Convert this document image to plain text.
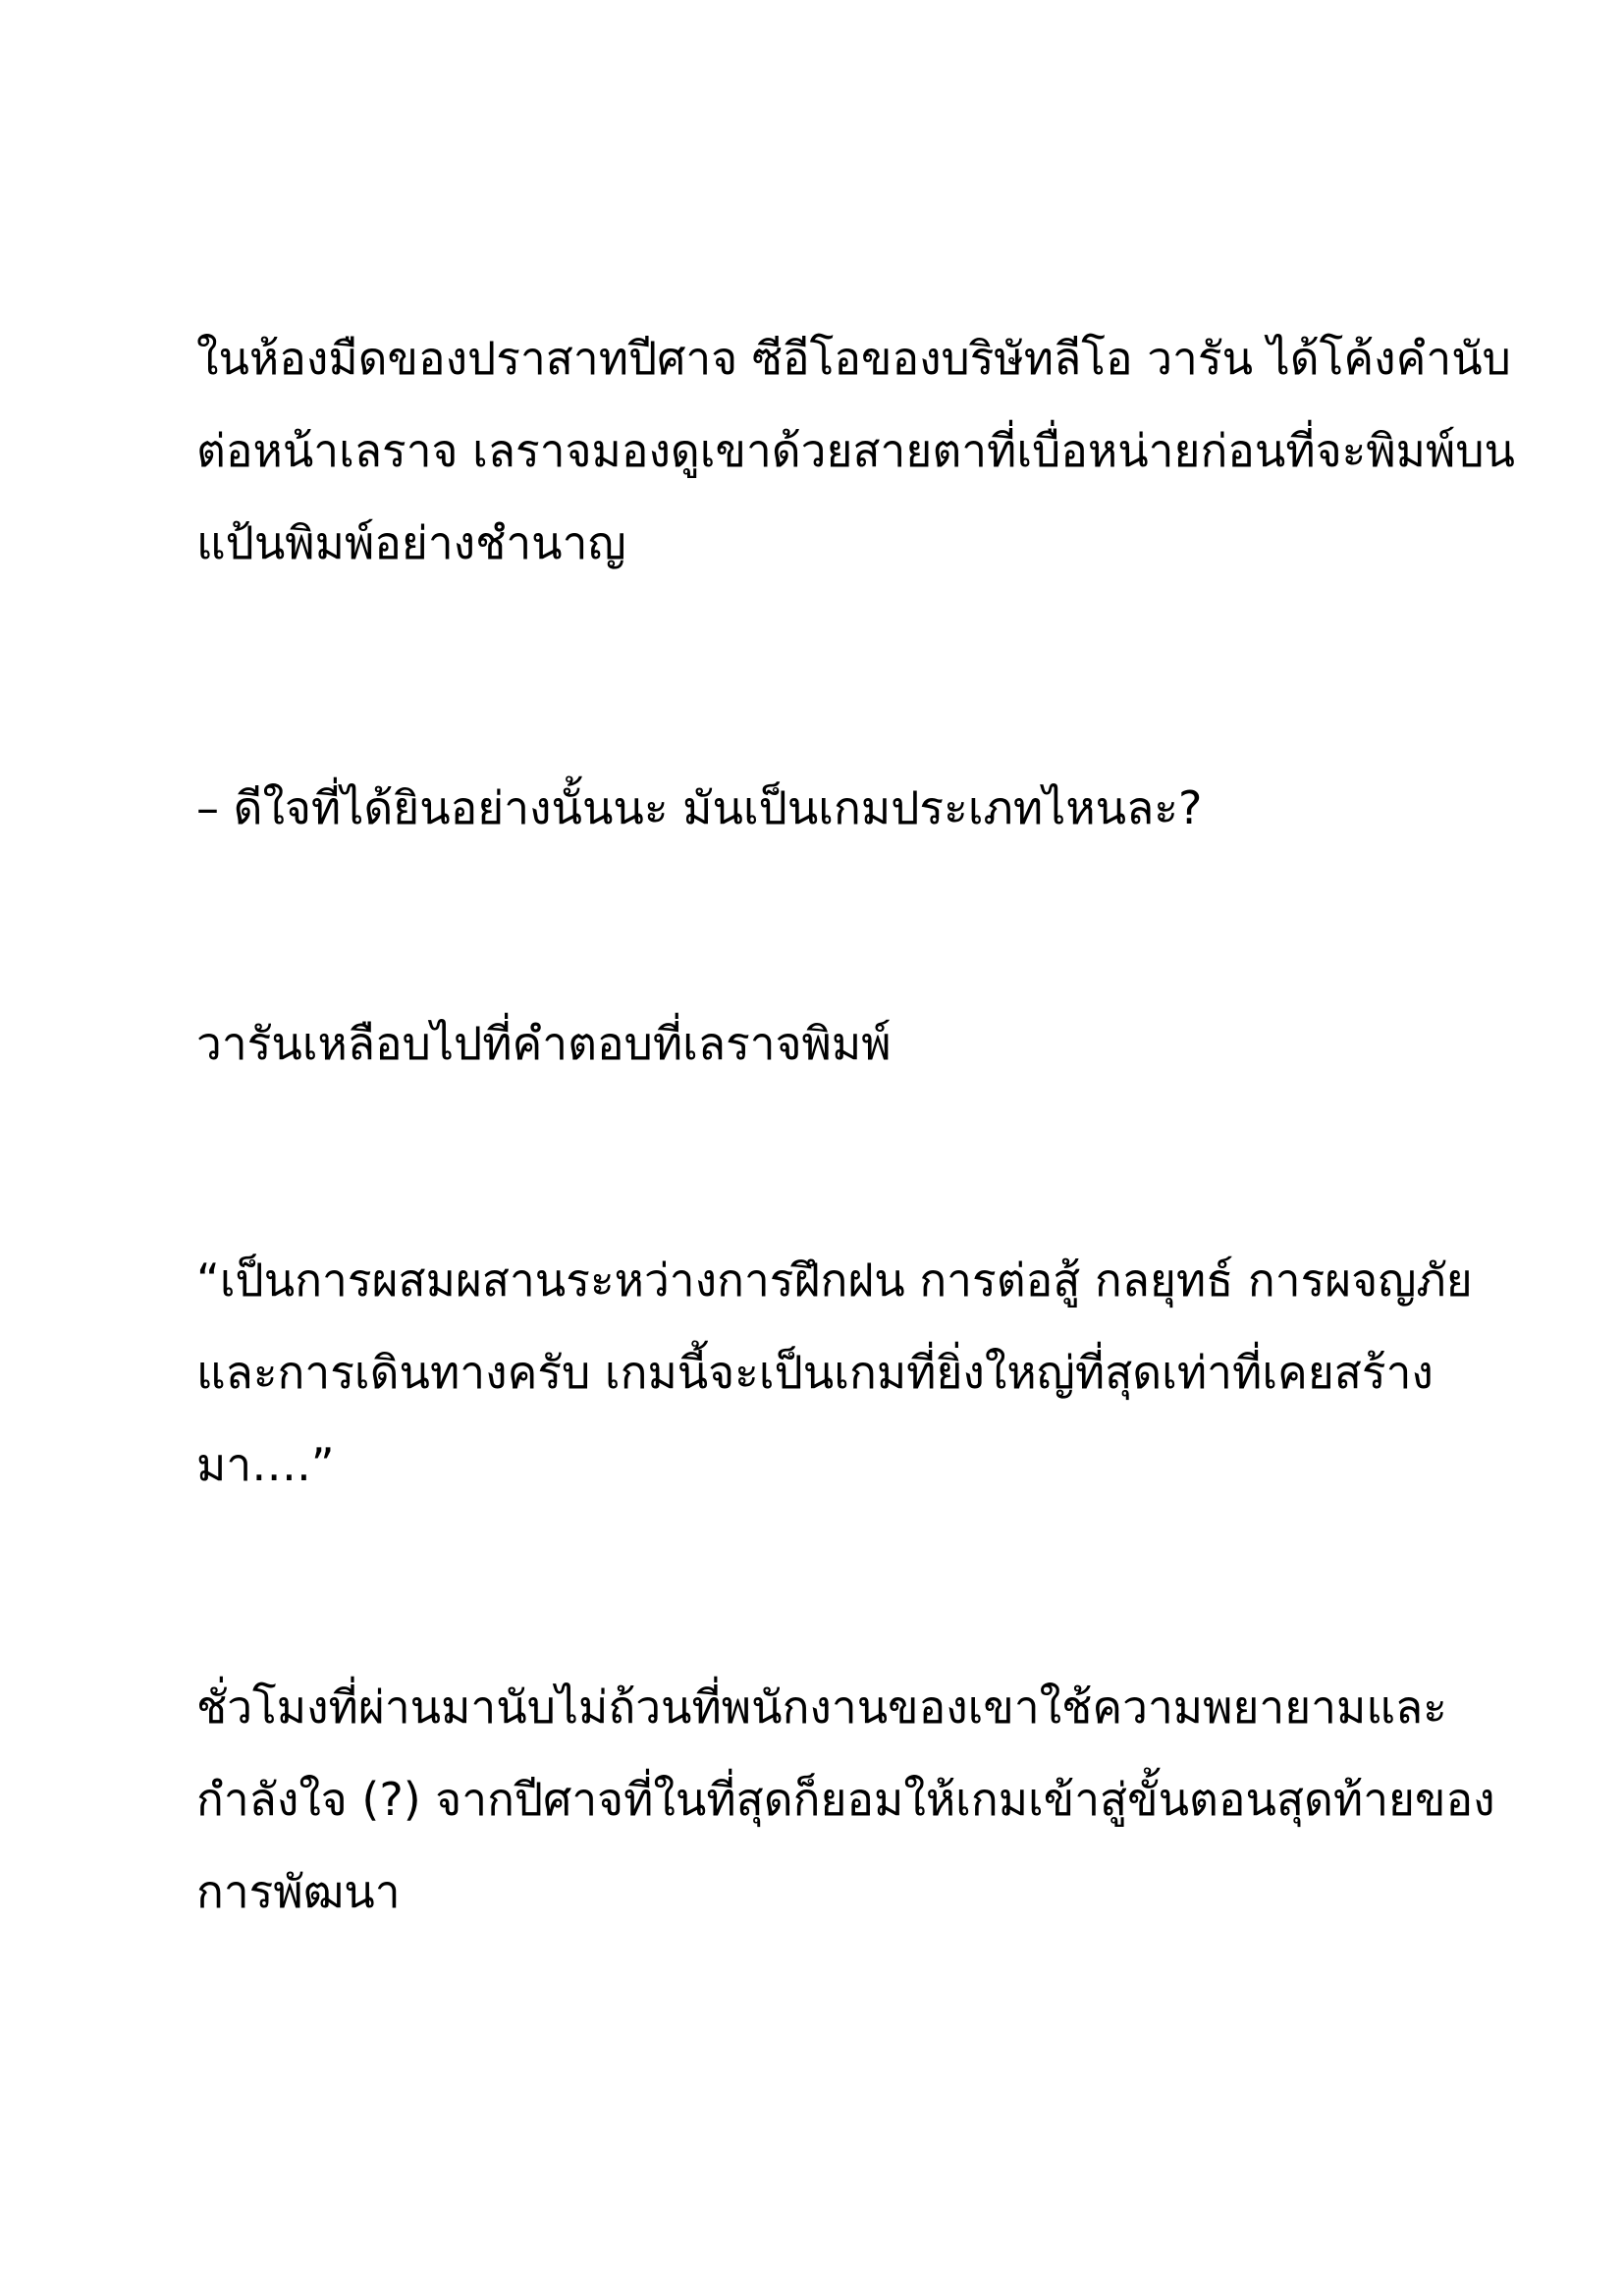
ในห้องมืดของปราสาทปีศาจ ซีอีโอของบริษัทลีโอ วารัน ได้โค้งคำนับ
ต่อหน้าเลราจ เลราจมองดูเขาด้วยสายตาที่เบื่อหน่ายก่อนที่จะพิมพ์บน
แป้นพิมพ์อย่างชำนาญ

– ดีใจที่ได้ยินอย่างนั้นนะ มันเป็นเกมประเภทไหนละ?

วารันเหลือบไปที่คำตอบที่เลราจพิมพ์

“เป็นการผสมผสานระหว่างการฝึกฝน การต่อสู้ กลยุทธ์ การผจญภัย
และการเดินทางครับ เกมนี้จะเป็นเกมที่ยิ่งใหญ่ที่สุดเท่าที่เคยสร้าง
มา….”

ชั่วโมงที่ผ่านมานับไม่ถ้วนที่พนักงานของเขาใช้ความพยายามและ
กำลังใจ (?) จากปีศาจที่ในที่สุดก็ยอมให้เกมเข้าสู่ขั้นตอนสุดท้ายของ
การพัฒนา
